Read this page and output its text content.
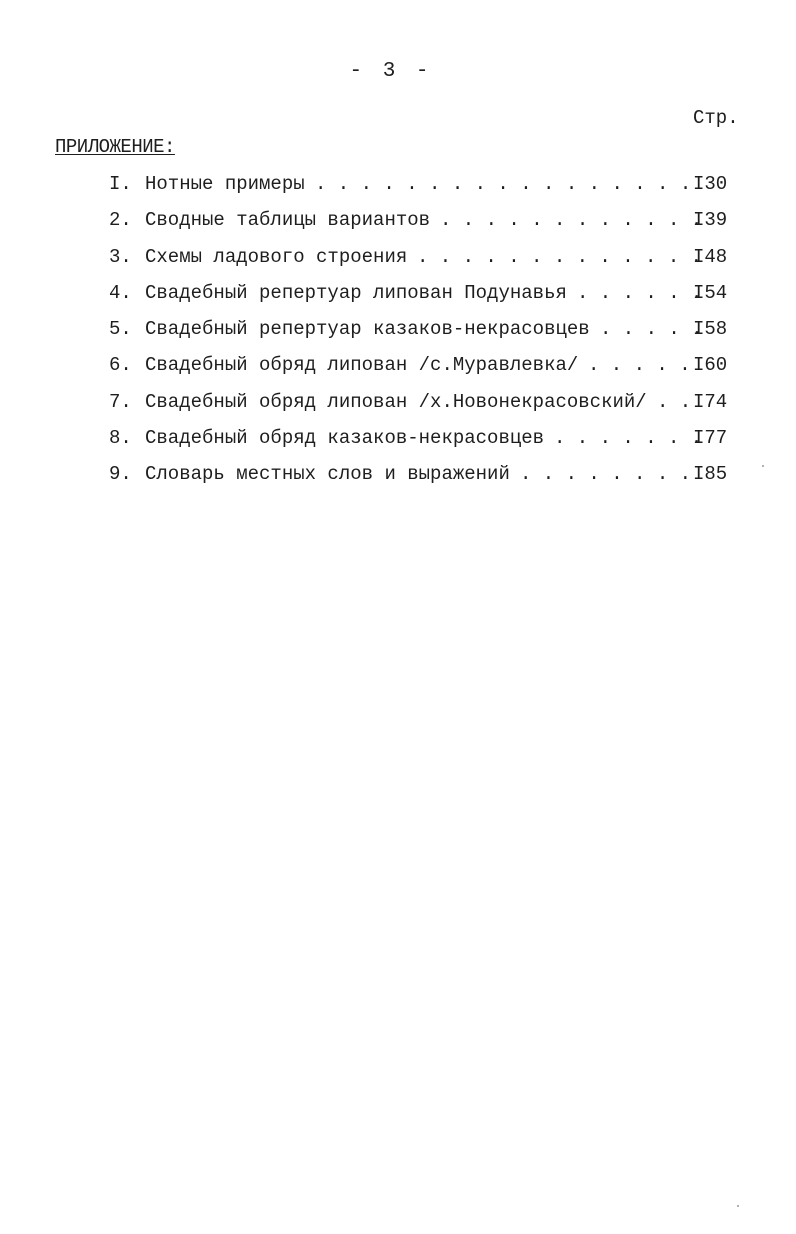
- 3 -
Стр.
ПРИЛОЖЕНИЕ:
I. Нотные примеры . . . . . . . . . . . . . . . . . I30
2. Сводные таблицы вариантов . . . . . . . . . . . .
I39
3. Схемы ладового строения . . . . . . . . . . . . .
I48
4. Свадебный репертуар липован Подунавья . . . . . .
I54
5. Свадебный репертуар казаков-некрасовцев . . . . .
I58
6. Свадебный обряд липован /с.Муравлевка/ . . . . . I60
7. Свадебный обряд липован /х.Новонекрасовский/ . . I74
8. Свадебный обряд казаков-некрасовцев . . . . . . .
I77
9. Словарь местных слов и выражений . . . . . . . . I85
